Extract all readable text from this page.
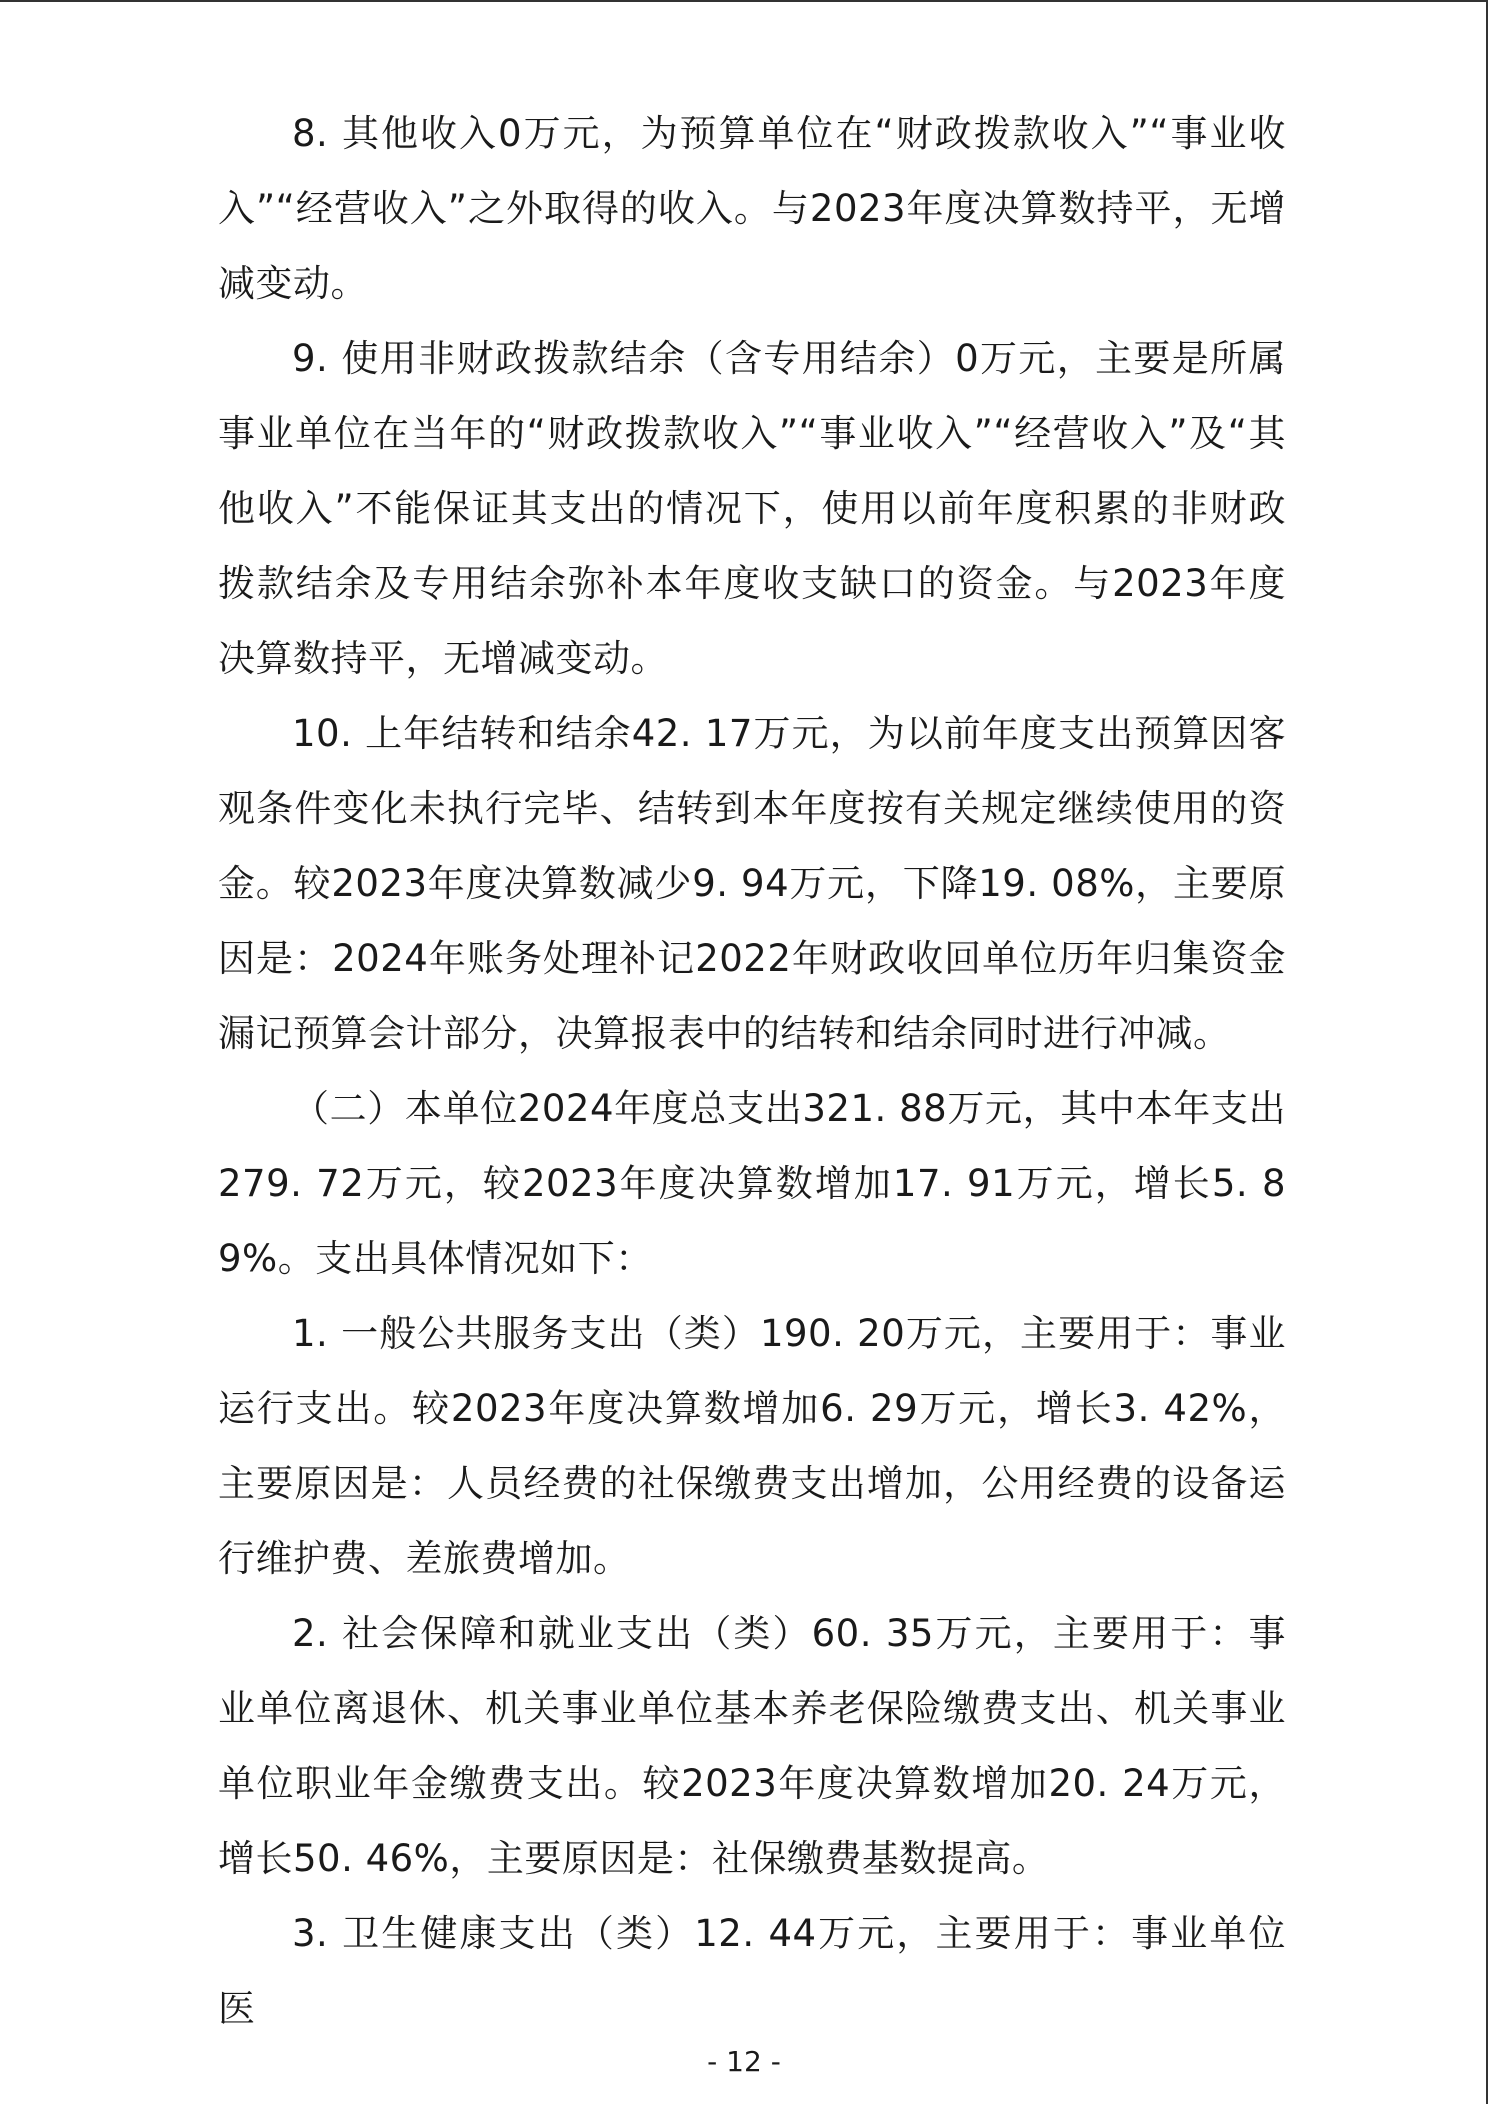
8. 其他收入0万元，为预算单位在“财政拨款收入”“事业收入”“经营收入”之外取得的收入。与2023年度决算数持平，无增减变动。

9. 使用非财政拨款结余（含专用结余）0万元，主要是所属事业单位在当年的“财政拨款收入”“事业收入”“经营收入”及“其他收入”不能保证其支出的情况下，使用以前年度积累的非财政拨款结余及专用结余弥补本年度收支缺口的资金。与2023年度决算数持平，无增减变动。

10. 上年结转和结余42. 17万元，为以前年度支出预算因客观条件变化未执行完毕、结转到本年度按有关规定继续使用的资金。较2023年度决算数减少9. 94万元，下降19. 08%，主要原因是：2024年账务处理补记2022年财政收回单位历年归集资金漏记预算会计部分，决算报表中的结转和结余同时进行冲减。

（二）本单位2024年度总支出321. 88万元，其中本年支出279. 72万元，较2023年度决算数增加17. 91万元，增长5. 89%。支出具体情况如下：

1. 一般公共服务支出（类）190. 20万元，主要用于：事业运行支出。较2023年度决算数增加6. 29万元，增长3. 42%，主要原因是：人员经费的社保缴费支出增加，公用经费的设备运行维护费、差旅费增加。

2. 社会保障和就业支出（类）60. 35万元，主要用于：事业单位离退休、机关事业单位基本养老保险缴费支出、机关事业单位职业年金缴费支出。较2023年度决算数增加20. 24万元，增长50. 46%，主要原因是：社保缴费基数提高。

3. 卫生健康支出（类）12. 44万元，主要用于：事业单位医

- 12 -
